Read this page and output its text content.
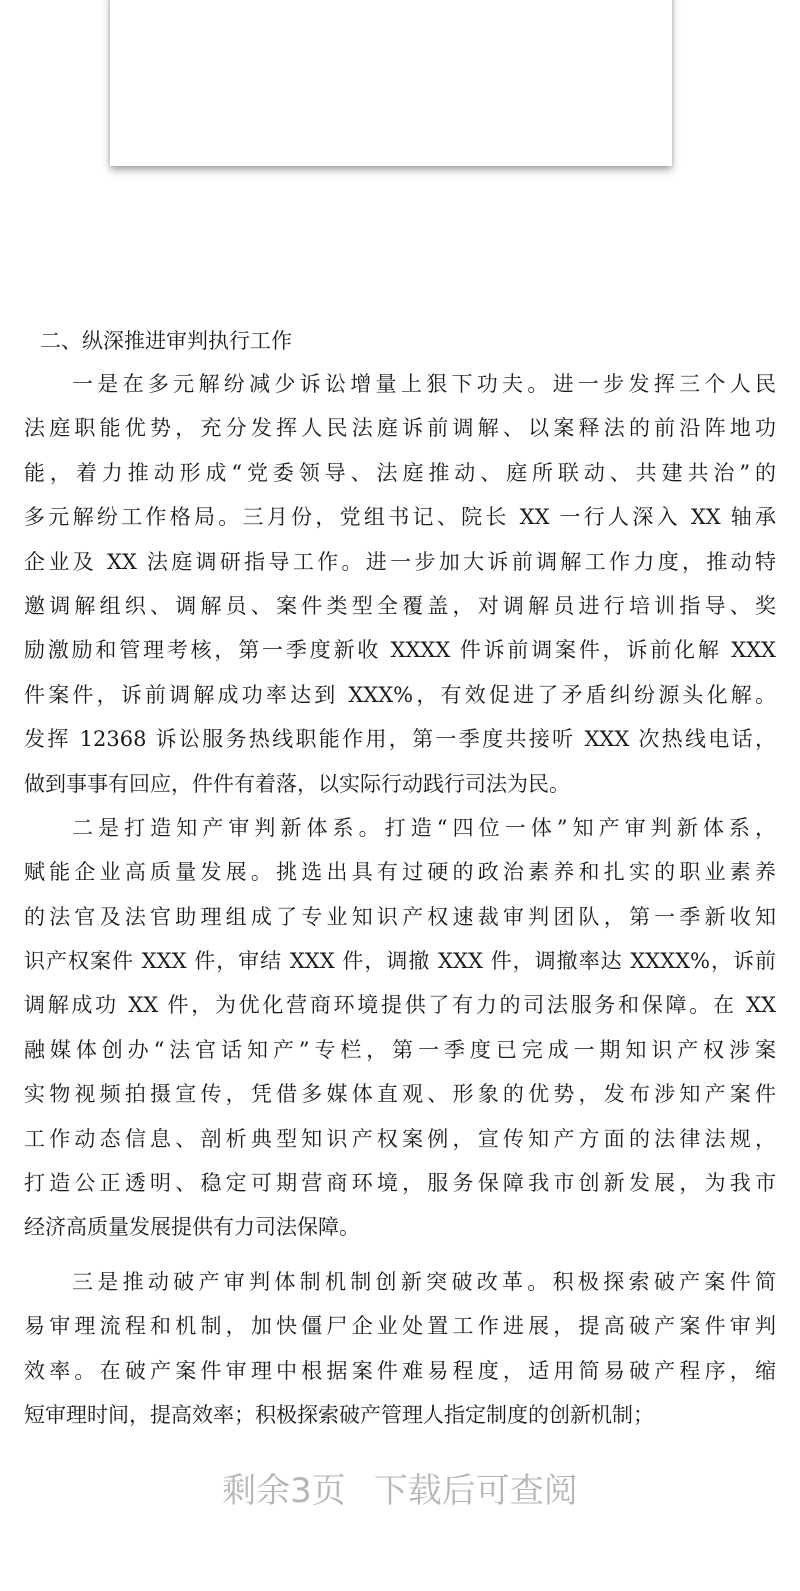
二、纵深推进审判执行工作

一是在多元解纷减少诉讼增量上狠下功夫。进一步发挥三个人民
法庭职能优势，充分发挥人民法庭诉前调解、以案释法的前沿阵地功
能，着力推动形成“党委领导、法庭推动、庭所联动、共建共治”的
多元解纷工作格局。三月份，党组书记、院长 XX 一行人深入 XX 轴承
企业及 XX 法庭调研指导工作。进一步加大诉前调解工作力度，推动特
邀调解组织、调解员、案件类型全覆盖，对调解员进行培训指导、奖
励激励和管理考核，第一季度新收 XXXX 件诉前调案件，诉前化解 XXX
件案件，诉前调解成功率达到 XXX%，有效促进了矛盾纠纷源头化解。
发挥 12368 诉讼服务热线职能作用，第一季度共接听 XXX 次热线电话，
做到事事有回应，件件有着落，以实际行动践行司法为民。

二是打造知产审判新体系。打造“四位一体”知产审判新体系，
赋能企业高质量发展。挑选出具有过硬的政治素养和扎实的职业素养
的法官及法官助理组成了专业知识产权速裁审判团队，第一季新收知
识产权案件 XXX 件，审结 XXX 件，调撤 XXX 件，调撤率达 XXXX%，诉前
调解成功 XX 件，为优化营商环境提供了有力的司法服务和保障。在 XX
融媒体创办“法官话知产”专栏，第一季度已完成一期知识产权涉案
实物视频拍摄宣传，凭借多媒体直观、形象的优势，发布涉知产案件
工作动态信息、剖析典型知识产权案例，宣传知产方面的法律法规，
打造公正透明、稳定可期营商环境，服务保障我市创新发展，为我市
经济高质量发展提供有力司法保障。

三是推动破产审判体制机制创新突破改革。积极探索破产案件简
易审理流程和机制，加快僵尸企业处置工作进展，提高破产案件审判
效率。在破产案件审理中根据案件难易程度，适用简易破产程序，缩
短审理时间，提高效率；积极探索破产管理人指定制度的创新机制；

剩余3页 下载后可查阅
